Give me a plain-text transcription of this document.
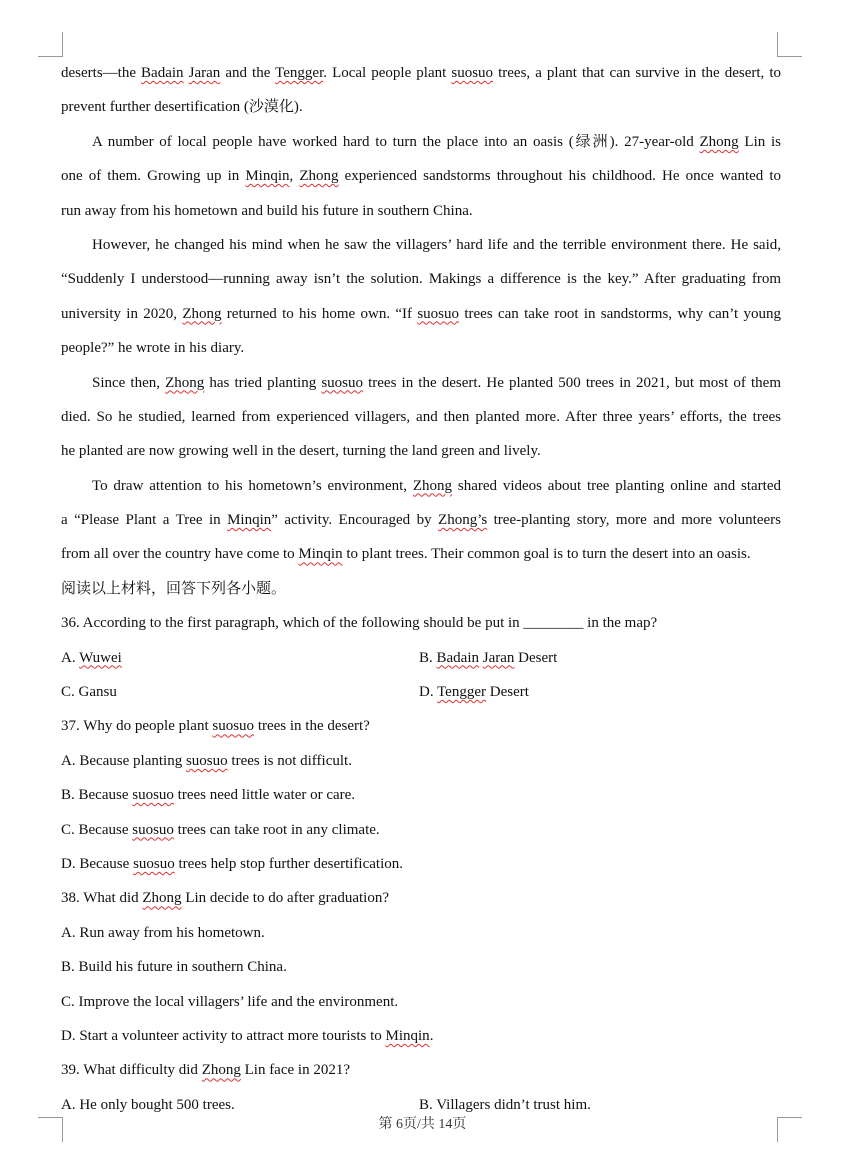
deserts—the Badain Jaran and the Tengger. Local people plant suosuo trees, a plant that can survive in the desert, to
prevent further desertification (沙漠化).
A number of local people have worked hard to turn the place into an oasis (绿洲). 27-year-old Zhong Lin is
one of them. Growing up in Minqin, Zhong experienced sandstorms throughout his childhood. He once wanted to
run away from his hometown and build his future in southern China.
However, he changed his mind when he saw the villagers’ hard life and the terrible environment there. He said,
“Suddenly I understood—running away isn’t the solution. Makings a difference is the key.” After graduating from
university in 2020, Zhong returned to his home own. “If suosuo trees can take root in sandstorms, why can’t young
people?” he wrote in his diary.
Since then, Zhong has tried planting suosuo trees in the desert. He planted 500 trees in 2021, but most of them
died. So he studied, learned from experienced villagers, and then planted more. After three years’ efforts, the trees
he planted are now growing well in the desert, turning the land green and lively.
To draw attention to his hometown’s environment, Zhong shared videos about tree planting online and started
a “Please Plant a Tree in Minqin” activity. Encouraged by Zhong’s tree-planting story, more and more volunteers
from all over the country have come to Minqin to plant trees. Their common goal is to turn the desert into an oasis.
阅读以上材料，回答下列各小题。
36. According to the first paragraph, which of the following should be put in ________ in the map?
A. Wuwei	B. Badain Jaran Desert
C. Gansu	D. Tengger Desert
37. Why do people plant suosuo trees in the desert?
A. Because planting suosuo trees is not difficult.
B. Because suosuo trees need little water or care.
C. Because suosuo trees can take root in any climate.
D. Because suosuo trees help stop further desertification.
38. What did Zhong Lin decide to do after graduation?
A. Run away from his hometown.
B. Build his future in southern China.
C. Improve the local villagers’ life and the environment.
D. Start a volunteer activity to attract more tourists to Minqin.
39. What difficulty did Zhong Lin face in 2021?
A. He only bought 500 trees.	B. Villagers didn’t trust him.
第 6页/共 14页
